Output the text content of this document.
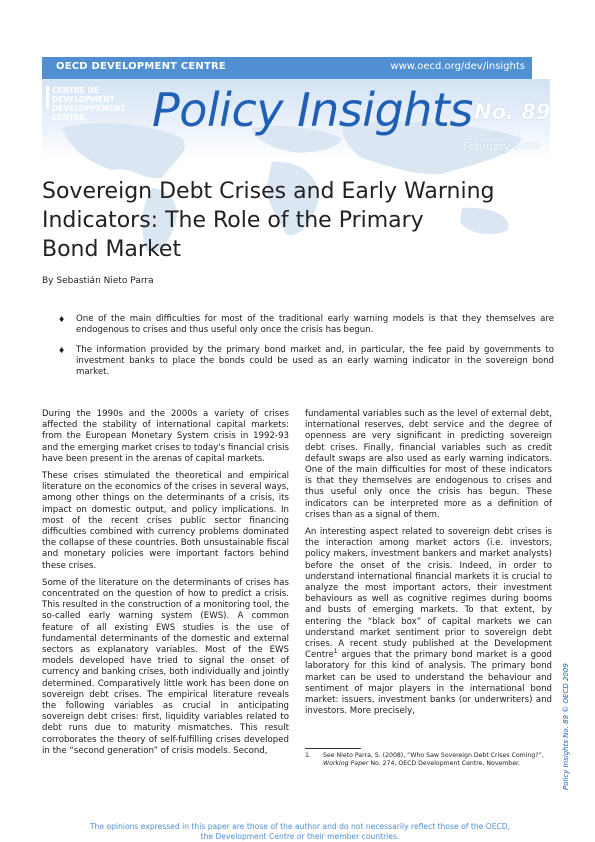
OECD DEVELOPMENT CENTRE	www.oecd.org/dev/insights
CENTRE DE DEVELOPMENT
DEVELOPPEMENT CENTRE	Policy Insights No. 89
February 2009
Sovereign Debt Crises and Early Warning
Indicators: The Role of the Primary
Bond Market
By Sebastián Nieto Parra
♦ One of the main difficulties for most of the traditional early warning models is that they themselves are endogenous to crises and thus useful only once the crisis has begun.
♦ The information provided by the primary bond market and, in particular, the fee paid by governments to investment banks to place the bonds could be used as an early warning indicator in the sovereign bond market.

During the 1990s and the 2000s a variety of crises affected the stability of international capital markets: from the European Monetary System crisis in 1992-93 and the emerging market crises to today's financial crisis have been present in the arenas of capital markets.

These crises stimulated the theoretical and empirical literature on the economics of the crises in several ways, among other things on the determinants of a crisis, its impact on domestic output, and policy implications. In most of the recent crises public sector financing difficulties combined with currency problems dominated the collapse of these countries. Both unsustainable fiscal and monetary policies were important factors behind these crises.

Some of the literature on the determinants of crises has concentrated on the question of how to predict a crisis. This resulted in the construction of a monitoring tool, the so-called early warning system (EWS). A common feature of all existing EWS studies is the use of fundamental determinants of the domestic and external sectors as explanatory variables. Most of the EWS models developed have tried to signal the onset of currency and banking crises, both individually and jointly determined. Comparatively little work has been done on sovereign debt crises. The empirical literature reveals the following variables as crucial in anticipating sovereign debt crises: first, liquidity variables related to debt runs due to maturity mismatches. This result corroborates the theory of self-fulfilling crises developed in the “second generation” of crisis models. Second,

fundamental variables such as the level of external debt, international reserves, debt service and the degree of openness are very significant in predicting sovereign debt crises. Finally, financial variables such as credit default swaps are also used as early warning indicators. One of the main difficulties for most of these indicators is that they themselves are endogenous to crises and thus useful only once the crisis has begun. These indicators can be interpreted more as a definition of crises than as a signal of them.

An interesting aspect related to sovereign debt crises is the interaction among market actors (i.e. investors, policy makers, investment bankers and market analysts) before the onset of the crisis. Indeed, in order to understand international financial markets it is crucial to analyze the most important actors, their investment behaviours as well as cognitive regimes during booms and busts of emerging markets. To that extent, by entering the “black box” of capital markets we can understand market sentiment prior to sovereign debt crises. A recent study published at the Development Centre$^1$ argues that the primary bond market is a good laboratory for this kind of analysis. The primary bond market can be used to understand the behaviour and sentiment of major players in the international bond market: issuers, investment banks (or underwriters) and investors. More precisely,

1.	See Nieto Parra, S. (2008), “Who Saw Sovereign Debt Crises Coming?”,
Working Paper No. 274, OECD Development Centre, November.	Policy Insights No. 89 © OECD 2009
The opinions expressed in this paper are those of the author and do not necessarily reflect those of the OECD,
the Development Centre or their member countries.
